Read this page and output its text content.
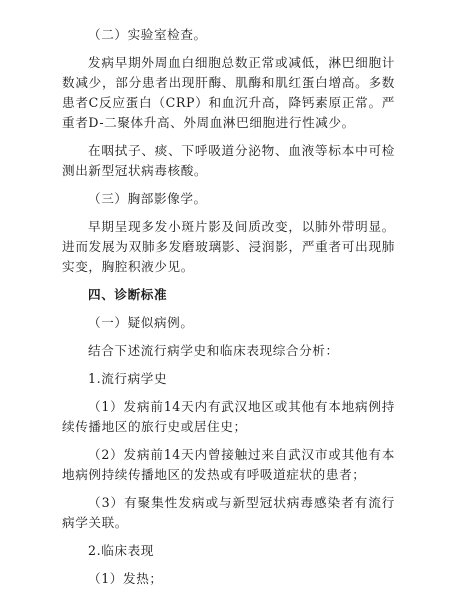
（二）实验室检查。

发病早期外周血白细胞总数正常或减低，淋巴细胞计数减少，部分患者出现肝酶、肌酶和肌红蛋白增高。多数患者C反应蛋白（CRP）和血沉升高，降钙素原正常。严重者D-二聚体升高、外周血淋巴细胞进行性减少。

在咽拭子、痰、下呼吸道分泌物、血液等标本中可检测出新型冠状病毒核酸。

（三）胸部影像学。

早期呈现多发小斑片影及间质改变，以肺外带明显。进而发展为双肺多发磨玻璃影、浸润影，严重者可出现肺实变，胸腔积液少见。

四、诊断标准

（一）疑似病例。

结合下述流行病学史和临床表现综合分析：

1.流行病学史

（1）发病前14天内有武汉地区或其他有本地病例持续传播地区的旅行史或居住史；

（2）发病前14天内曾接触过来自武汉市或其他有本地病例持续传播地区的发热或有呼吸道症状的患者；

（3）有聚集性发病或与新型冠状病毒感染者有流行病学关联。

2.临床表现

（1）发热；
